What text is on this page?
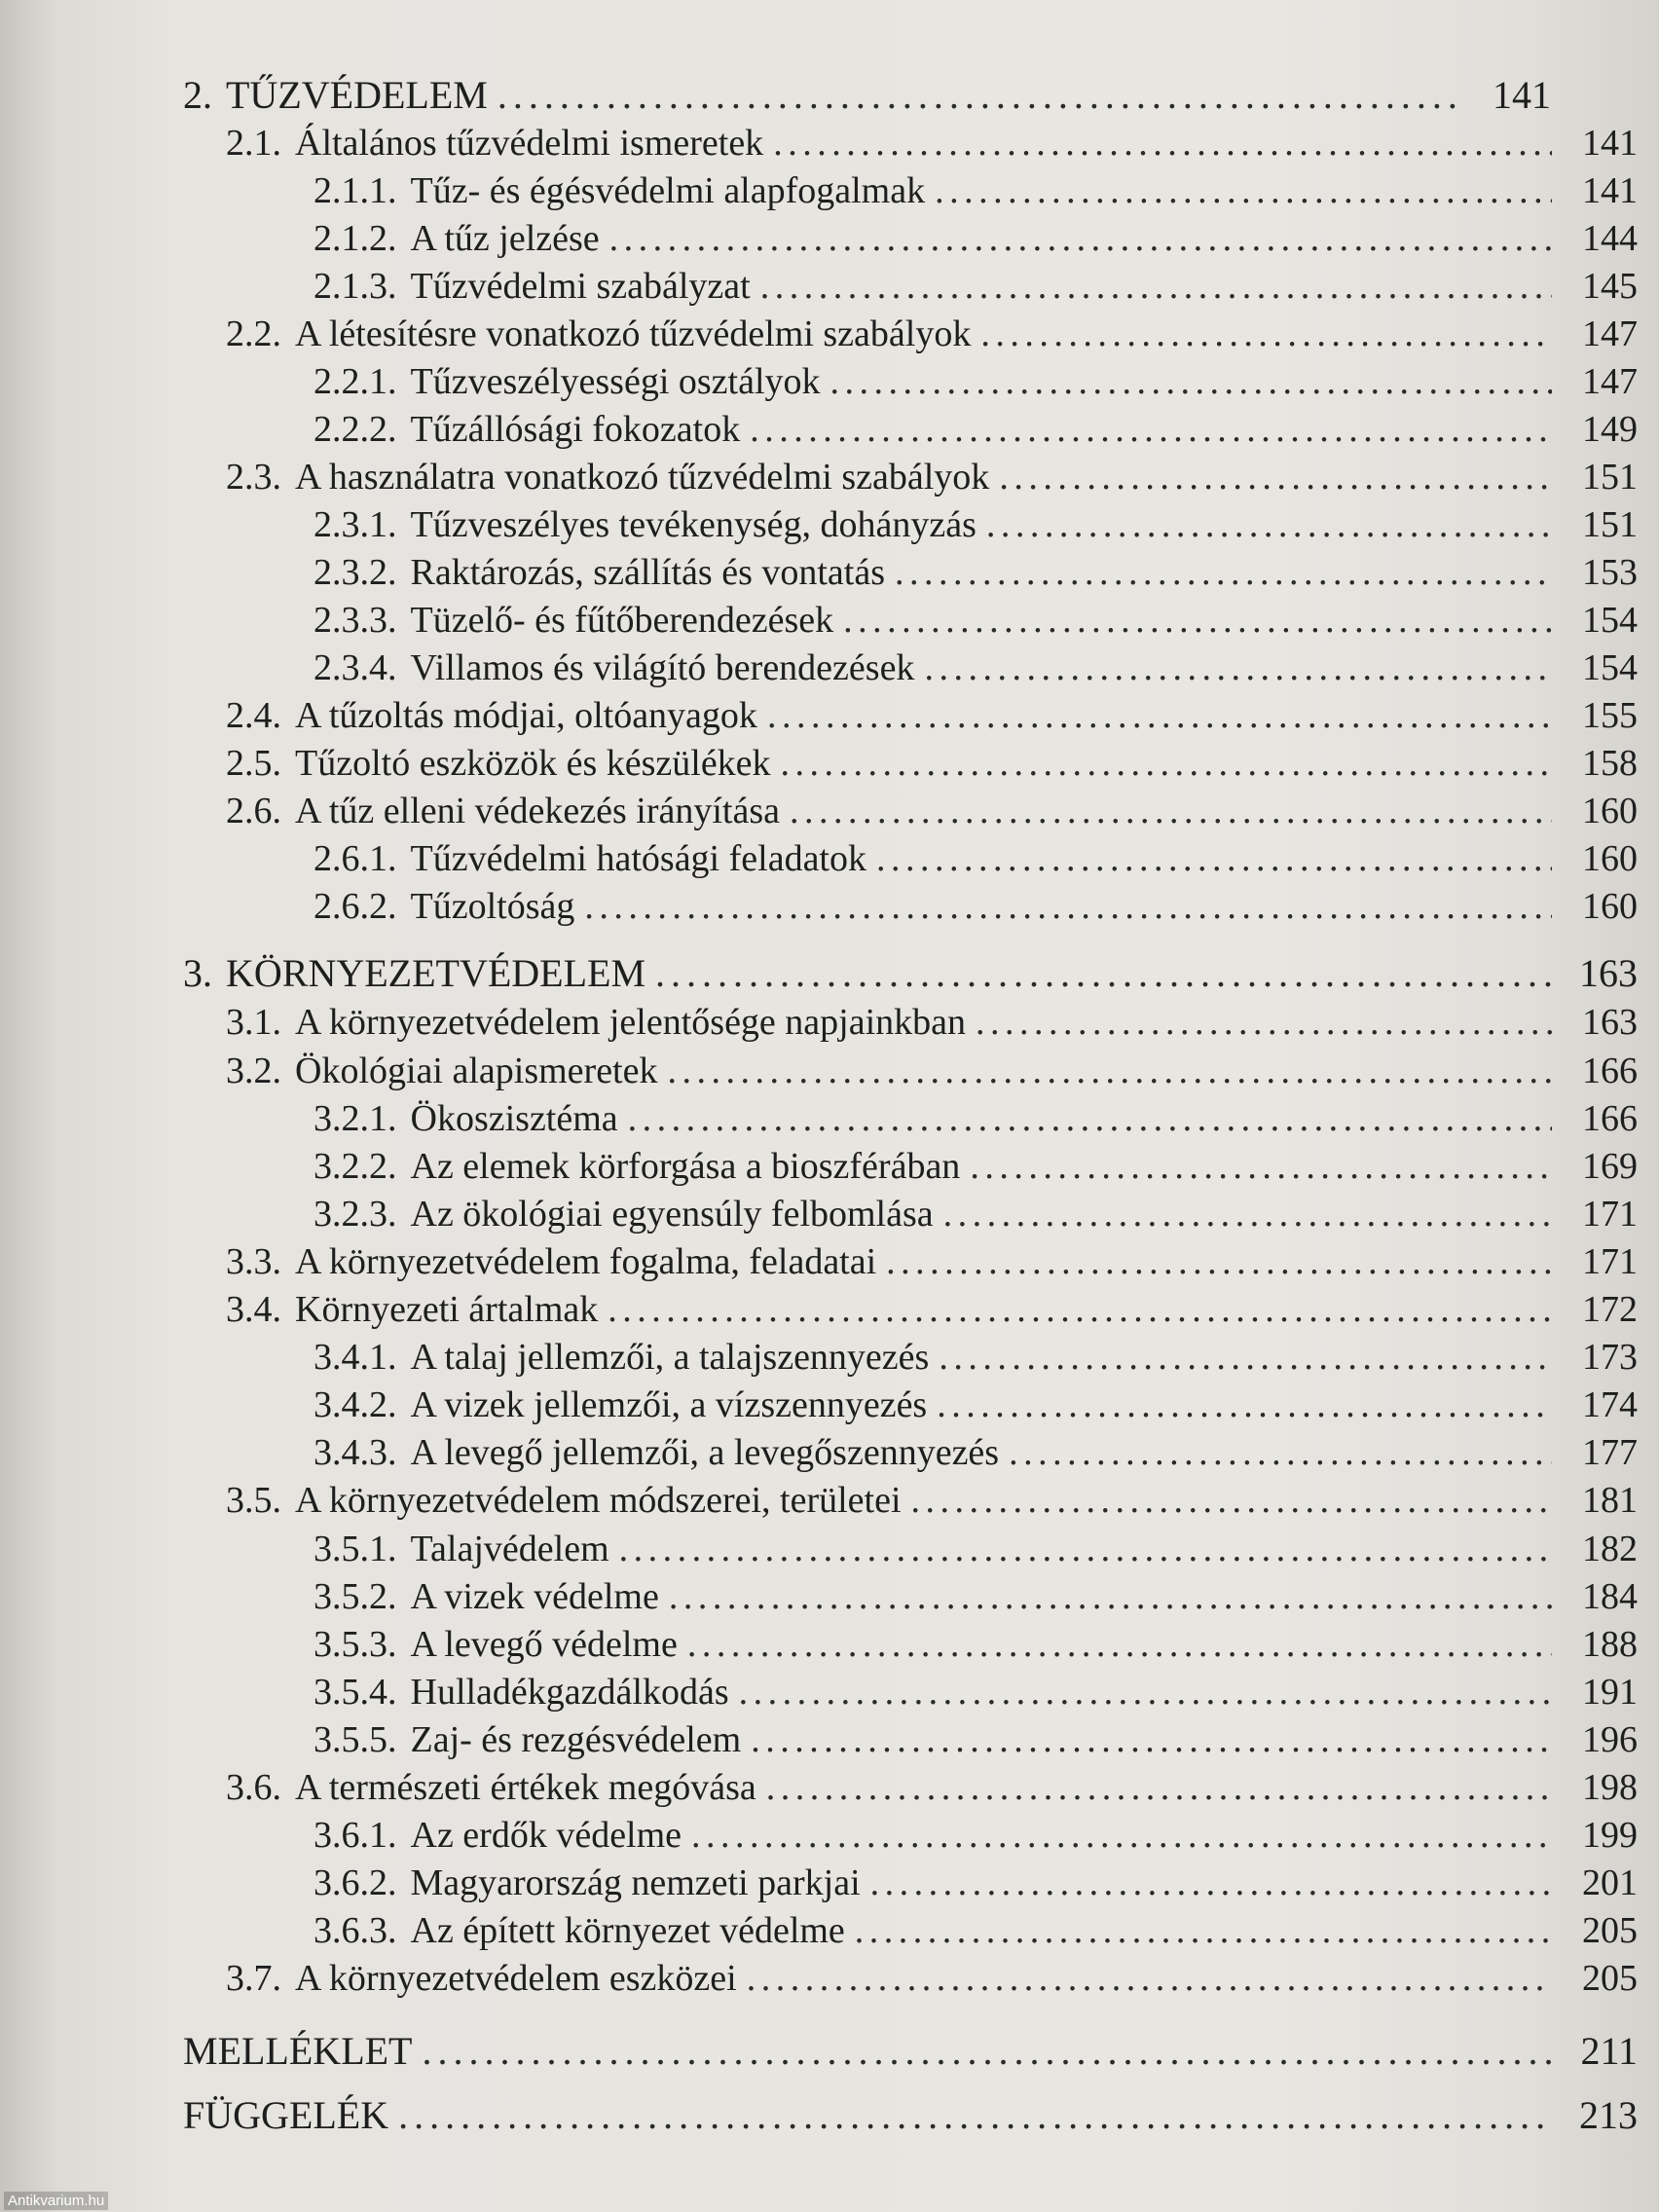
2. TŰZVÉDELEM . . .	141
2.1. Általános tűzvédelmi ismeretek . . .	141
2.1.1. Tűz- és égésvédelmi alapfogalmak . . .	141
2.1.2. A tűz jelzése . . .	144
2.1.3. Tűzvédelmi szabályzat . . .	145
2.2. A létesítésre vonatkozó tűzvédelmi szabályok . . .	147
2.2.1. Tűzveszélyességi osztályok . . .	147
2.2.2. Tűzállósági fokozatok . . .	149
2.3. A használatra vonatkozó tűzvédelmi szabályok . . .	151
2.3.1. Tűzveszélyes tevékenység, dohányzás . . .	151
2.3.2. Raktározás, szállítás és vontatás . . .	153
2.3.3. Tüzelő- és fűtőberendezések . . .	154
2.3.4. Villamos és világító berendezések . . .	154
2.4. A tűzoltás módjai, oltóanyagok . . .	155
2.5. Tűzoltó eszközök és készülékek . . .	158
2.6. A tűz elleni védekezés irányítása . . .	160
2.6.1. Tűzvédelmi hatósági feladatok . . .	160
2.6.2. Tűzoltóság . . .	160
3. KÖRNYEZETVÉDELEM . . .	163
3.1. A környezetvédelem jelentősége napjainkban . . .	163
3.2. Ökológiai alapismeretek . . .	166
3.2.1. Ökoszisztéma . . .	166
3.2.2. Az elemek körforgása a bioszférában . . .	169
3.2.3. Az ökológiai egyensúly felbomlása . . .	171
3.3. A környezetvédelem fogalma, feladatai . . .	171
3.4. Környezeti ártalmak . . .	172
3.4.1. A talaj jellemzői, a talajszennyezés . . .	173
3.4.2. A vizek jellemzői, a vízszennyezés . . .	174
3.4.3. A levegő jellemzői, a levegőszennyezés . . .	177
3.5. A környezetvédelem módszerei, területei . . .	181
3.5.1. Talajvédelem . . .	182
3.5.2. A vizek védelme . . .	184
3.5.3. A levegő védelme . . .	188
3.5.4. Hulladékgazdálkodás . . .	191
3.5.5. Zaj- és rezgésvédelem . . .	196
3.6. A természeti értékek megóvása . . .	198
3.6.1. Az erdők védelme . . .	199
3.6.2. Magyarország nemzeti parkjai . . .	201
3.6.3. Az épített környezet védelme . . .	205
3.7. A környezetvédelem eszközei . . .	205
MELLÉKLET . . .	211
FÜGGELÉK . . .	213
Antikvarium.hu
